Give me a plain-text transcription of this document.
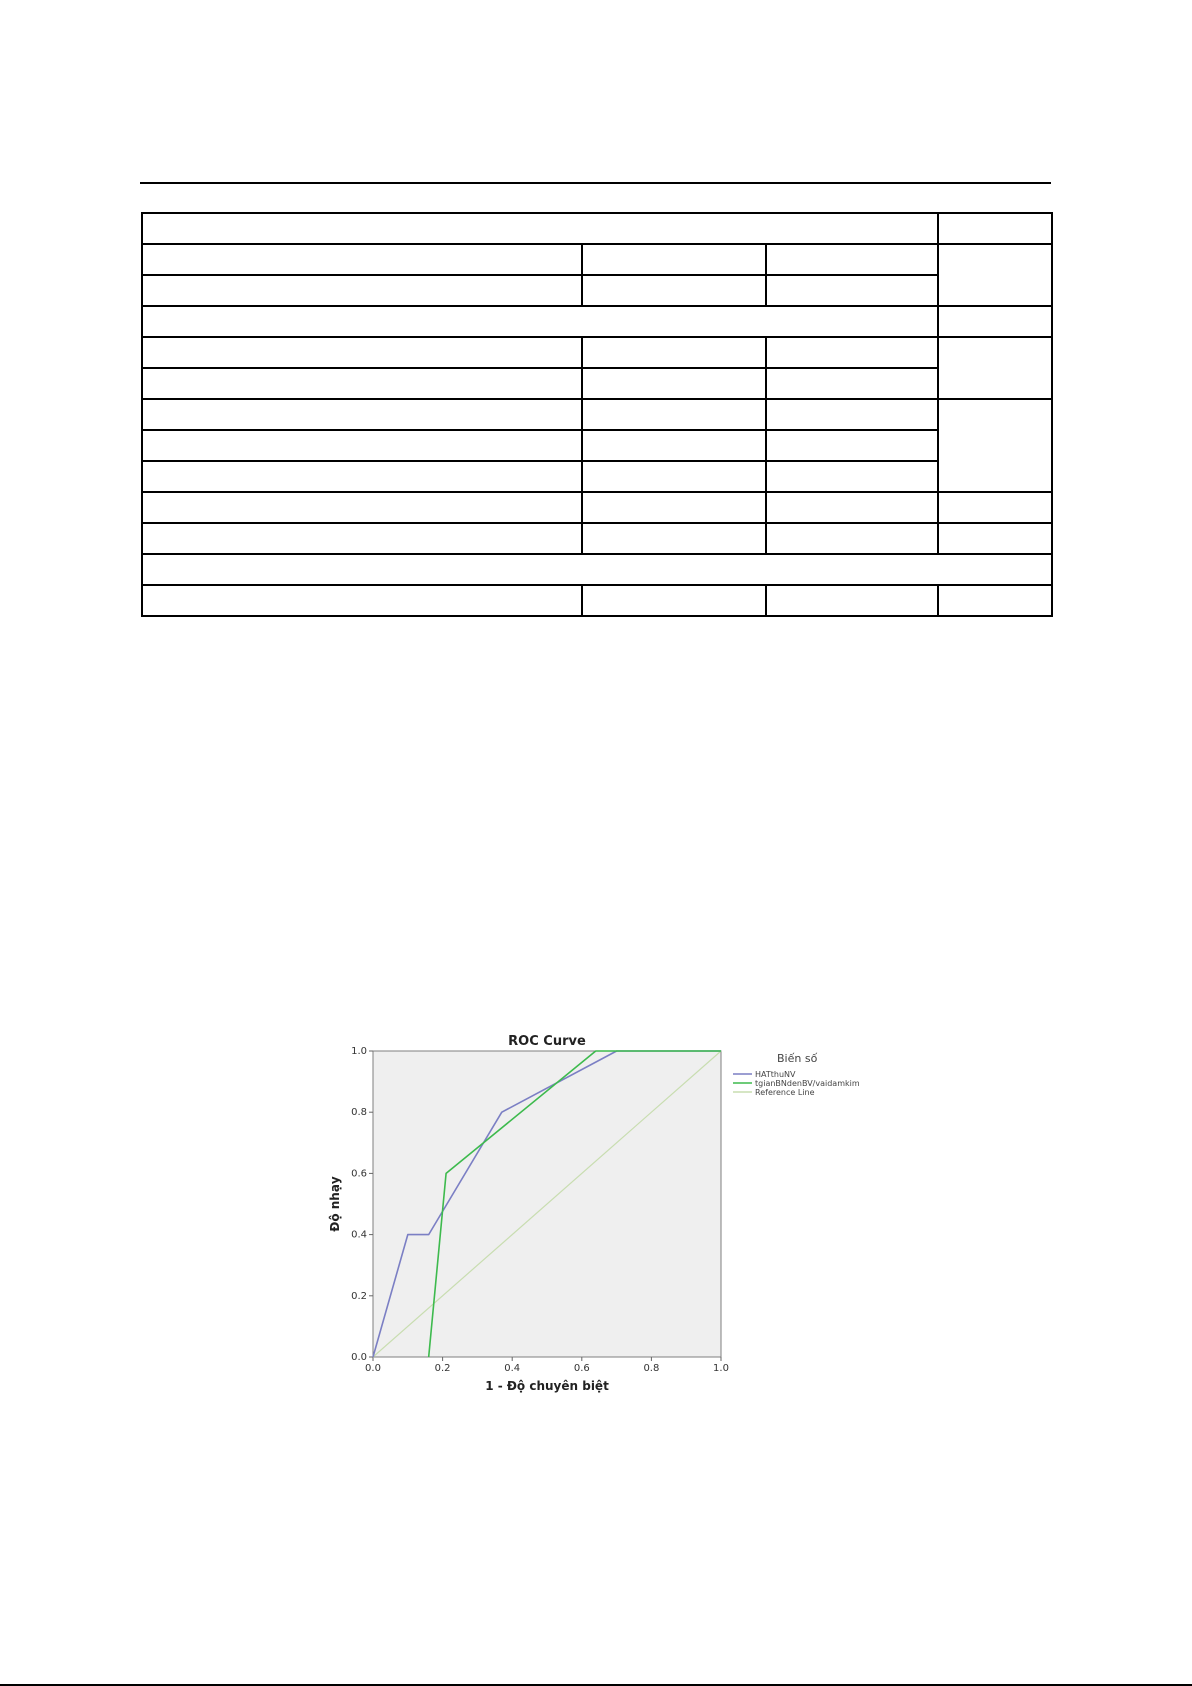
ROC Curve
1 - Độ chuyên biệt
Độ nhạy
0.0	0.2	0.4	0.6	0.8	1.0
0.0
0.2
0.4
0.6
0.8
1.0
Biến số
HATthuNV
tgianBNdenBV/vaidamkim
Reference Line
